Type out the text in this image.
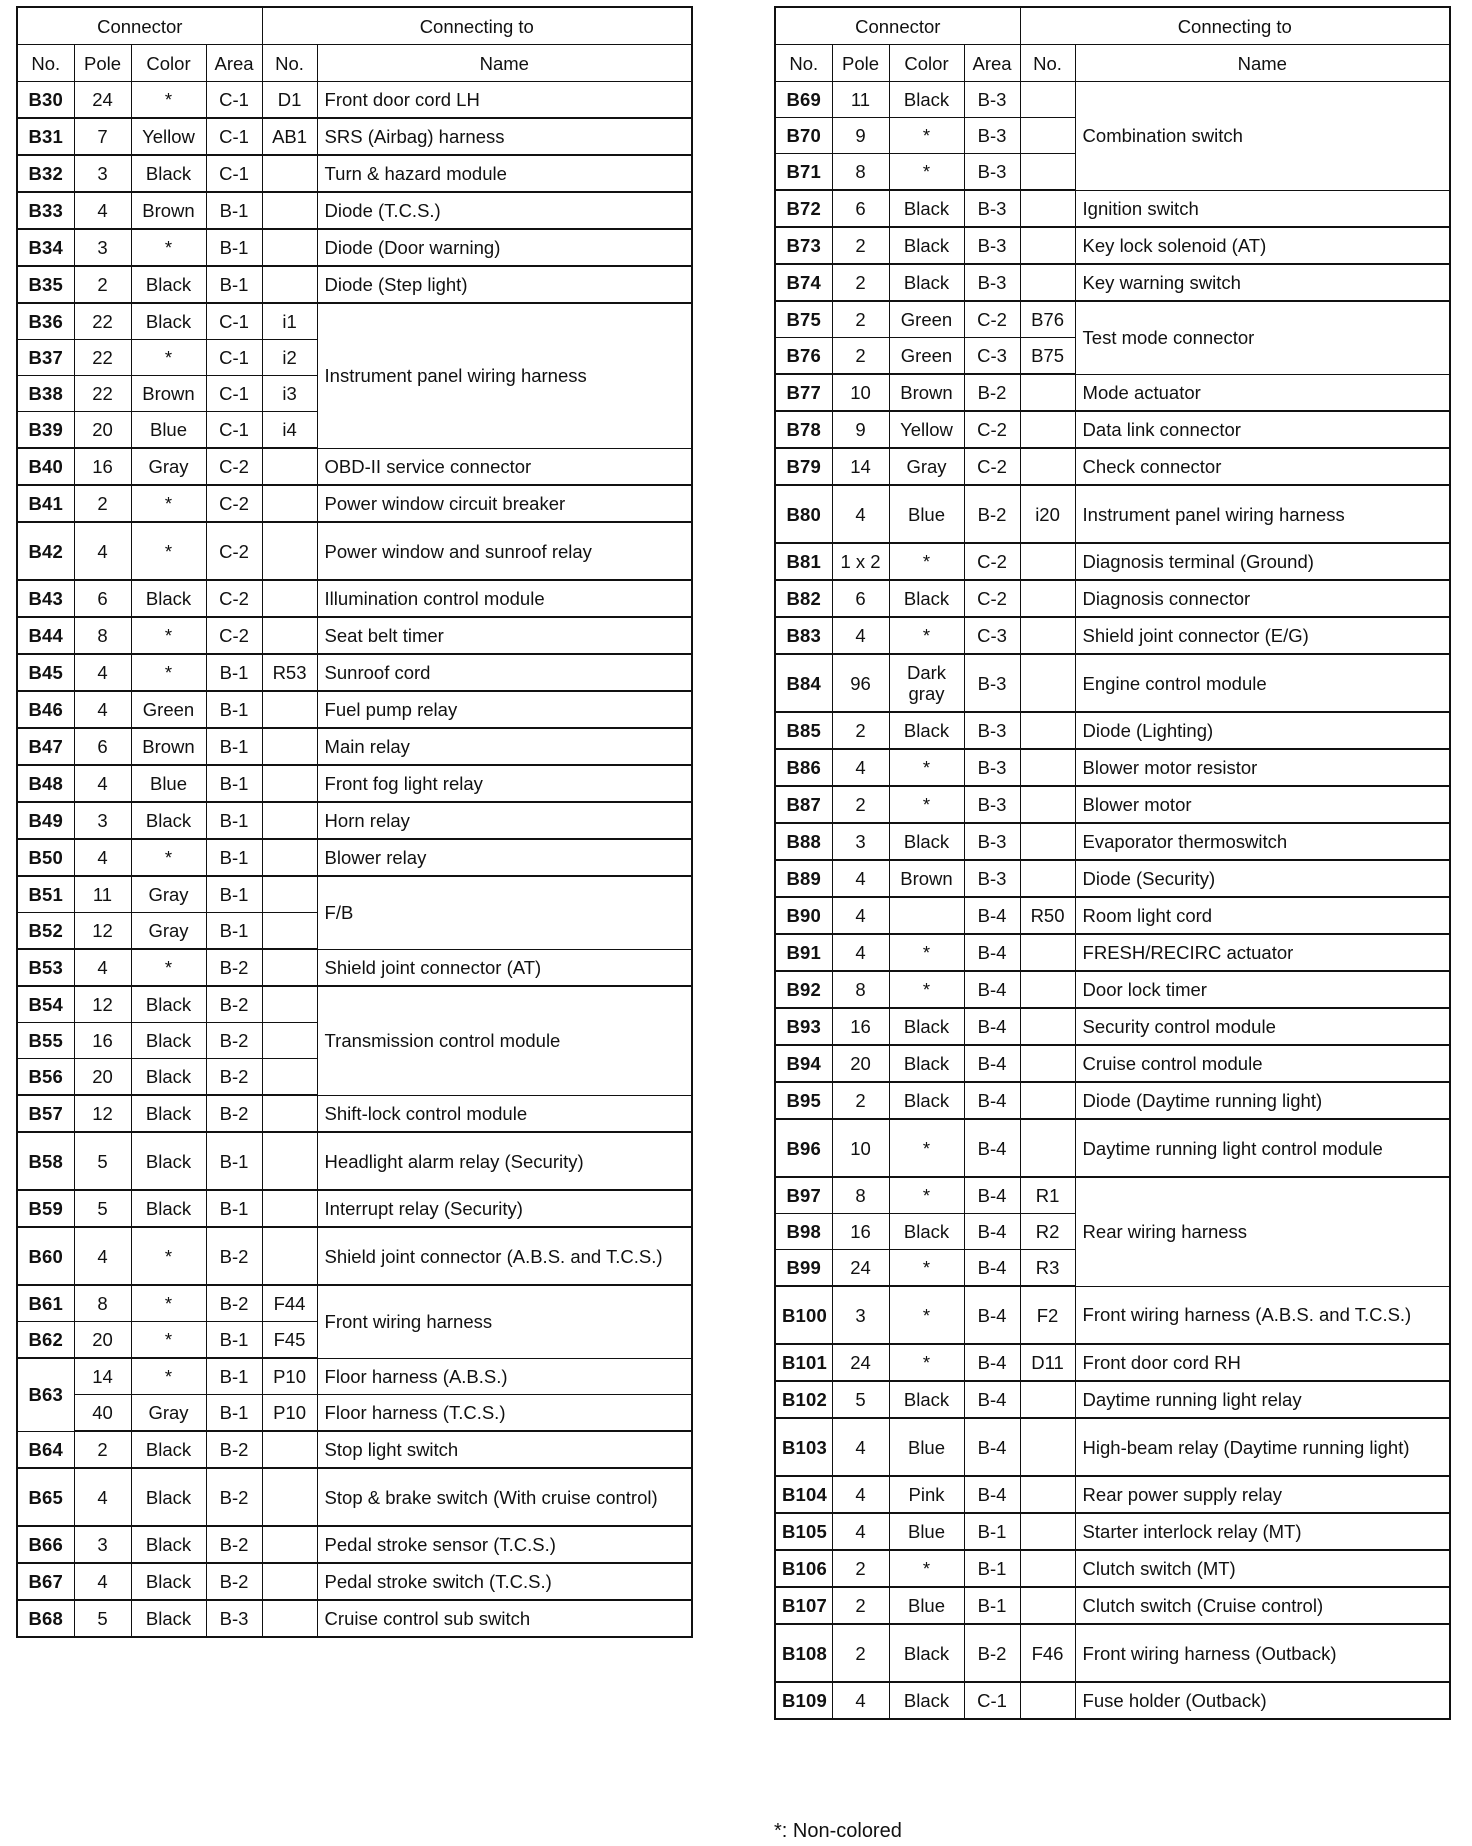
Connector				Connecting to	
No.	Pole	Color	Area	No.	Name
B30	24	*	C-1	D1	Front door cord LH
B31	7	Yellow	C-1	AB1	SRS (Airbag) harness
B32	3	Black	C-1		Turn & hazard module
B33	4	Brown	B-1		Diode (T.C.S.)
B34	3	*	B-1		Diode (Door warning)
B35	2	Black	B-1		Diode (Step light)
B36	22	Black	C-1	i1	Instrument panel wiring harness
B37	22	*	C-1	i2	
B38	22	Brown	C-1	i3	
B39	20	Blue	C-1	i4	
B40	16	Gray	C-2		OBD-II service connector
B41	2	*	C-2		Power window circuit breaker
B42	4	*	C-2		Power window and sunroof relay
B43	6	Black	C-2		Illumination control module
B44	8	*	C-2		Seat belt timer
B45	4	*	B-1	R53	Sunroof cord
B46	4	Green	B-1		Fuel pump relay
B47	6	Brown	B-1		Main relay
B48	4	Blue	B-1		Front fog light relay
B49	3	Black	B-1		Horn relay
B50	4	*	B-1		Blower relay
B51	11	Gray	B-1		F/B
B52	12	Gray	B-1		
B53	4	*	B-2		Shield joint connector (AT)
B54	12	Black	B-2		Transmission control module
B55	16	Black	B-2		
B56	20	Black	B-2		
B57	12	Black	B-2		Shift-lock control module
B58	5	Black	B-1		Headlight alarm relay (Security)
B59	5	Black	B-1		Interrupt relay (Security)
B60	4	*	B-2		Shield joint connector (A.B.S. and T.C.S.)
B61	8	*	B-2	F44	Front wiring harness
B62	20	*	B-1	F45	
B63	14	*	B-1	P10	Floor harness (A.B.S.)
	40	Gray	B-1	P10	Floor harness (T.C.S.)
B64	2	Black	B-2		Stop light switch
B65	4	Black	B-2		Stop & brake switch (With cruise control)
B66	3	Black	B-2		Pedal stroke sensor (T.C.S.)
B67	4	Black	B-2		Pedal stroke switch (T.C.S.)
B68	5	Black	B-3		Cruise control sub switch
Connector				Connecting to	
No.	Pole	Color	Area	No.	Name
B69	11	Black	B-3		Combination switch
B70	9	*	B-3		
B71	8	*	B-3		
B72	6	Black	B-3		Ignition switch
B73	2	Black	B-3		Key lock solenoid (AT)
B74	2	Black	B-3		Key warning switch
B75	2	Green	C-2	B76	Test mode connector
B76	2	Green	C-3	B75	
B77	10	Brown	B-2		Mode actuator
B78	9	Yellow	C-2		Data link connector
B79	14	Gray	C-2		Check connector
B80	4	Blue	B-2	i20	Instrument panel wiring harness
B81	1 x 2	*	C-2		Diagnosis terminal (Ground)
B82	6	Black	C-2		Diagnosis connector
B83	4	*	C-3		Shield joint connector (E/G)
B84	96	Dark gray	B-3		Engine control module
B85	2	Black	B-3		Diode (Lighting)
B86	4	*	B-3		Blower motor resistor
B87	2	*	B-3		Blower motor
B88	3	Black	B-3		Evaporator thermoswitch
B89	4	Brown	B-3		Diode (Security)
B90	4		B-4	R50	Room light cord
B91	4	*	B-4		FRESH/RECIRC actuator
B92	8	*	B-4		Door lock timer
B93	16	Black	B-4		Security control module
B94	20	Black	B-4		Cruise control module
B95	2	Black	B-4		Diode (Daytime running light)
B96	10	*	B-4		Daytime running light control module
B97	8	*	B-4	R1	Rear wiring harness
B98	16	Black	B-4	R2	
B99	24	*	B-4	R3	
B100	3	*	B-4	F2	Front wiring harness (A.B.S. and T.C.S.)
B101	24	*	B-4	D11	Front door cord RH
B102	5	Black	B-4		Daytime running light relay
B103	4	Blue	B-4		High-beam relay (Daytime running light)
B104	4	Pink	B-4		Rear power supply relay
B105	4	Blue	B-1		Starter interlock relay (MT)
B106	2	*	B-1		Clutch switch (MT)
B107	2	Blue	B-1		Clutch switch (Cruise control)
B108	2	Black	B-2	F46	Front wiring harness (Outback)
B109	4	Black	C-1		Fuse holder (Outback)
*: Non-colored
